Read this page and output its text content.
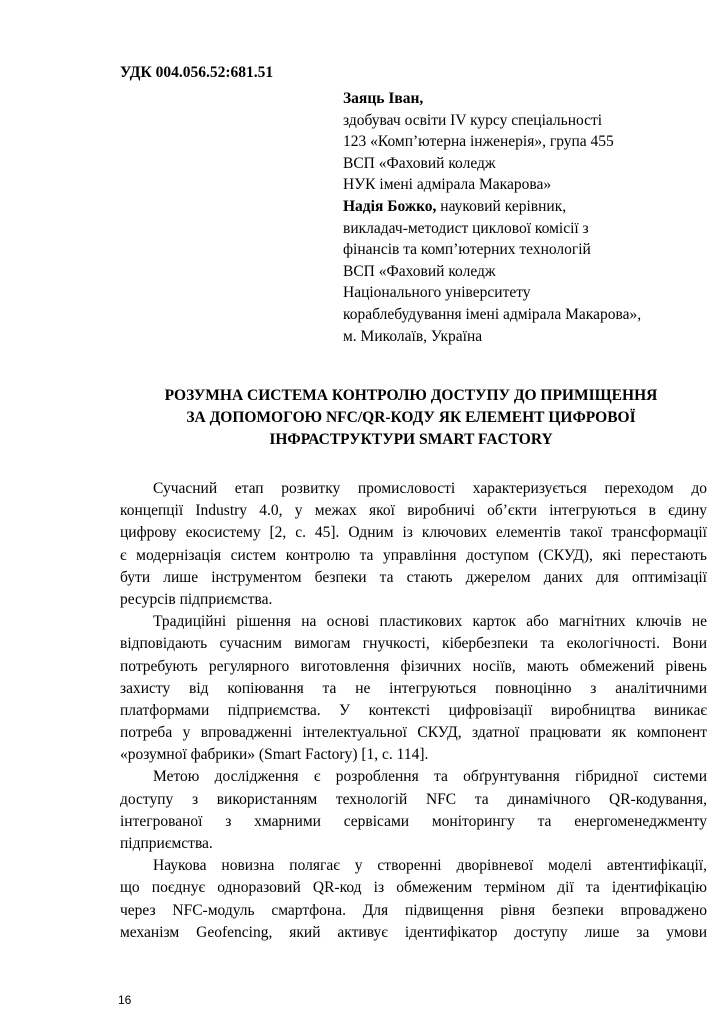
УДК 004.056.52:681.51
Заяць Іван,
здобувач освіти IV курсу спеціальності
123 «Комп’ютерна інженерія», група 455
ВСП «Фаховий коледж
НУК імені адмірала Макарова»
Надія Божко, науковий керівник,
викладач-методист циклової комісії з
фінансів та комп’ютерних технологій
ВСП «Фаховий коледж
Національного університету
кораблебудування імені адмірала Макарова»,
м. Миколаїв, Україна
РОЗУМНА СИСТЕМА КОНТРОЛЮ ДОСТУПУ ДО ПРИМІЩЕННЯ
ЗА ДОПОМОГОЮ NFC/QR-КОДУ ЯК ЕЛЕМЕНТ ЦИФРОВОЇ
ІНФРАСТРУКТУРИ SMART FACTORY
Сучасний етап розвитку промисловості характеризується переходом до
концепції Industry 4.0, у межах якої виробничі об’єкти інтегруються в єдину
цифрову екосистему [2, с. 45]. Одним із ключових елементів такої трансформації
є модернізація систем контролю та управління доступом (СКУД), які перестають
бути лише інструментом безпеки та стають джерелом даних для оптимізації
ресурсів підприємства.
Традиційні рішення на основі пластикових карток або магнітних ключів не
відповідають сучасним вимогам гнучкості, кібербезпеки та екологічності. Вони
потребують регулярного виготовлення фізичних носіїв, мають обмежений рівень
захисту від копіювання та не інтегруються повноцінно з аналітичними
платформами підприємства. У контексті цифровізації виробництва виникає
потреба у впровадженні інтелектуальної СКУД, здатної працювати як компонент
«розумної фабрики» (Smart Factory) [1, с. 114].
Метою дослідження є розроблення та обґрунтування гібридної системи
доступу з використанням технологій NFC та динамічного QR-кодування,
інтегрованої з хмарними сервісами моніторингу та енергоменеджменту
підприємства.
Наукова новизна полягає у створенні дворівневої моделі автентифікації,
що поєднує одноразовий QR-код із обмеженим терміном дії та ідентифікацію
через NFC-модуль смартфона. Для підвищення рівня безпеки впроваджено
механізм Geofencing, який активує ідентифікатор доступу лише за умови
16
